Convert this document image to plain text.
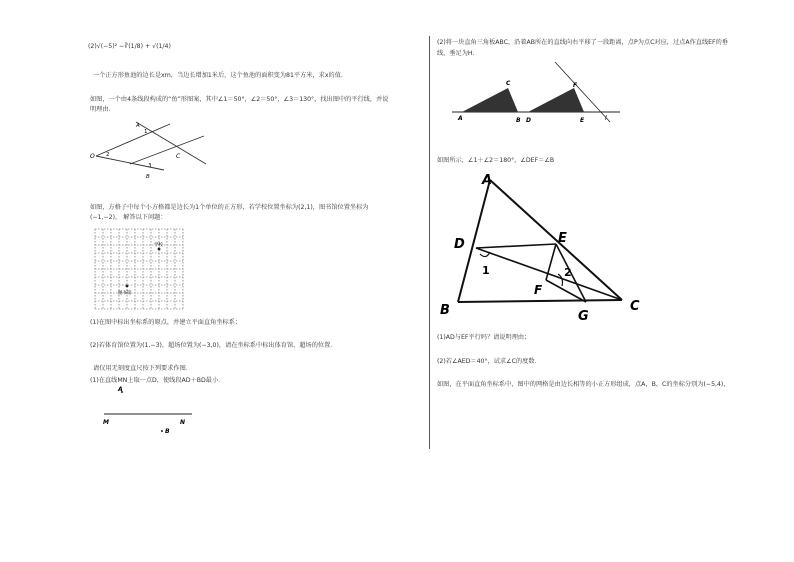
(2)√(−5)² −∛(1/8) + √(1/4)
一个正方形鱼池的边长是xm，当边长增加1米后，这个鱼池的面积变为81平方米，求x的值．
如图，一个由4条线段构成的“鱼”形图案，其中∠1＝50°，∠2＝50°，∠3＝130°，找出图中的平行线，并说
明理由．
A
1
O 2	C
3
B
如图，方格子中每个小方格都是边长为1个单位的正方形，若学校位置坐标为(2,1)，图书馆位置坐标为
(−1,−2)， 解答以下问题：
学校
图书馆
(1)在图中标出坐标系的原点，并建立平面直角坐标系；
(2)若体育馆位置为(1,−3)，超场位置为(−3,0)，请在坐标系中标出体育馆、超场的位置．
请仅用无刻度直尺按下列要求作图．
(1)在直线MN上取一点D，使线段AD＋BD最小．
A
M	N
B
(2)将一块直角三角板ABC，沿着AB所在的直线向右平移了一段距离，点P为点C对应，过点A作直线EF的垂
线，垂足为H．
C	F
A	B D	E	l
如图所示，∠1＋∠2＝180°，∠DEF＝∠B
A
D	E
1	2
F
B	G
C
(1)AD与EF平行吗？请说明理由；
(2)若∠AED＝40°，试求∠C的度数．
如图，在平面直角坐标系中，图中的网格是由边长相等的小正方形组成，点A，B，C的坐标分别为(−5,4)，
